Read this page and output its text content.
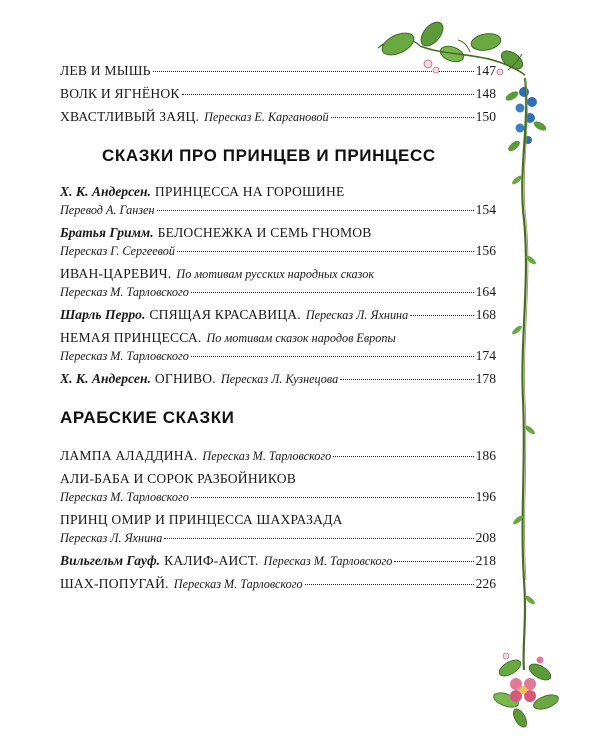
ЛЕВ И МЫШЬ	147
ВОЛК И ЯГНЁНОК	148
ХВАСТЛИВЫЙ ЗАЯЦ. Пересказ Е. Каргановой	150
СКАЗКИ ПРО ПРИНЦЕВ И ПРИНЦЕСС
Х. К. Андерсен. ПРИНЦЕССА НА ГОРОШИНЕ
Перевод А. Ганзен	154
Братья Гримм. БЕЛОСНЕЖКА И СЕМЬ ГНОМОВ
Пересказ Г. Сергеевой	156
ИВАН-ЦАРЕВИЧ. По мотивам русских народных сказок
Пересказ М. Тарловского	164
Шарль Перро. СПЯЩАЯ КРАСАВИЦА. Пересказ Л. Яхнина	168
НЕМАЯ ПРИНЦЕССА. По мотивам сказок народов Европы
Пересказ М. Тарловского	174
Х. К. Андерсен. ОГНИВО. Пересказ Л. Кузнецова	178
АРАБСКИЕ СКАЗКИ
ЛАМПА АЛАДДИНА. Пересказ М. Тарловского	186
АЛИ-БАБА И СОРОК РАЗБОЙНИКОВ
Пересказ М. Тарловского	196
ПРИНЦ ОМИР И ПРИНЦЕССА ШАХРАЗАДА
Пересказ Л. Яхнина	208
Вильгельм Гауф. КАЛИФ-АИСТ. Пересказ М. Тарловского	218
ШАХ-ПОПУГАЙ. Пересказ М. Тарловского	226
